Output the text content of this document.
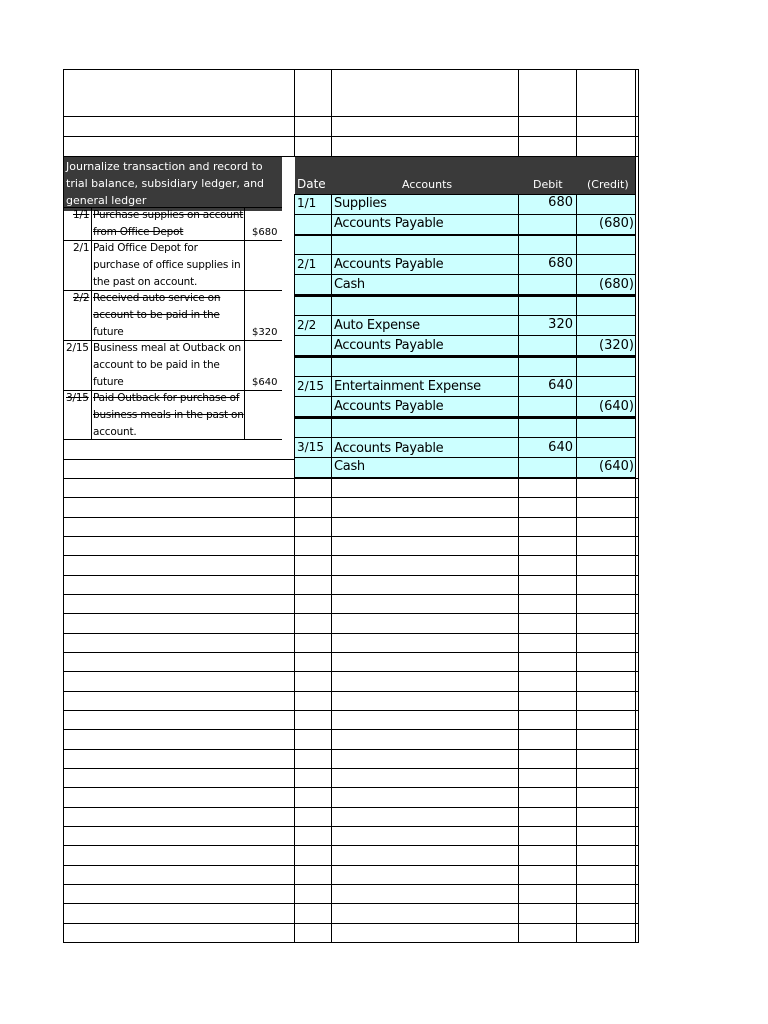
Journalize transaction and record to trial balance, subsidiary ledger, and general ledger
Date	Accounts	Debit (Credit)
1/1 Purchase supplies on account
from Office Depot	$680
2/1 Paid Office Depot for
purchase of office supplies in
the past on account.
2/2 Received auto service on
account to be paid in the
future	$320
2/15 Business meal at Outback on
account to be paid in the
future	$640
3/15 Paid Outback for purchase of
business meals in the past on
account.
1/1 Supplies	680
Accounts Payable	(680)
2/1 Accounts Payable	680
Cash	(680)
2/2 Auto Expense	320
Accounts Payable	(320)
2/15 Entertainment Expense	640
Accounts Payable	(640)
3/15 Accounts Payable	640
Cash	(640)
